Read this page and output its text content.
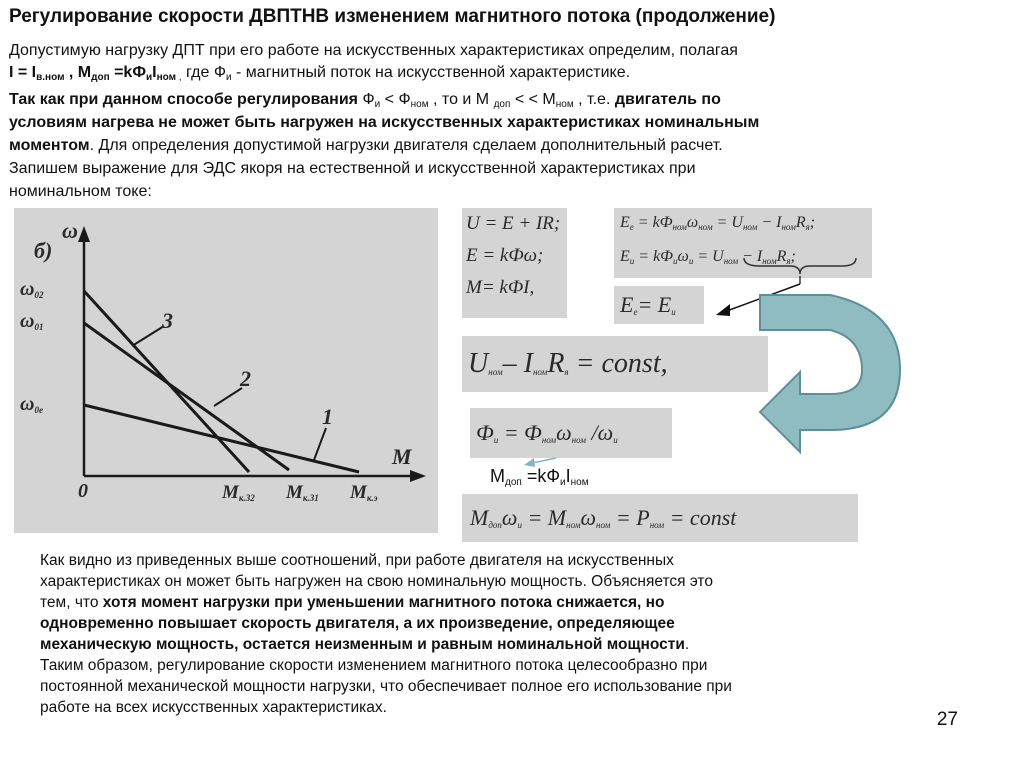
Регулирование скорости ДВПТНВ изменением магнитного потока (продолжение)
Допустимую нагрузку ДПТ при его работе на искусственных характеристиках определим, полагая
$I = I_{в.ном}$ , $М_{доп} =kФ_иI_{ном}$ $_,$ где $Ф_и$ - магнитный поток на искусственной характеристике.
Так как при данном способе регулирования $Ф_и < Ф_{ном}$ , то и М $_{доп}$ < < $М_{ном}$ , т.е. двигатель по
условиям нагрева не может быть нагружен на искусственных характеристиках номинальным
моментом. Для определения допустимой нагрузки двигателя сделаем дополнительный расчет.
Запишем выражение для ЭДС якоря на естественной и искусственной характеристиках при
номинальном токе:
б)
ω
$\omega_{02}$
$\omega_{01}$
$\omega_{0е}$
3
2
1
М
0	$М_{к.32}$ $М_{к.31}$ $М_{к.э}$
U = E + IR;
E = kФω;
M= kФI,
$E_е = kФ_{ном}\omega_{ном} = U_{ном} - I_{ном}R_я$;
$E_и = kФ_и\omega_и = U_{ном} - I_{ном}R_я$;
$E_е= E_и$
$U_{ном}-$ $I_{ном}R_я$ = const,
$Ф_и = Ф_{ном}\omega_{ном}$ $/\omega_и$
$М_{доп} =kФ_иI_{ном}$
$M_{доп}\omega_и = M_{ном}\omega_{ном} = P_{ном}$ = const
Как видно из приведенных выше соотношений, при работе двигателя на искусственных
характеристиках он может быть нагружен на свою номинальную мощность. Объясняется это
тем, что хотя момент нагрузки при уменьшении магнитного потока снижается, но
одновременно повышает скорость двигателя, а их произведение, определяющее
механическую мощность, остается неизменным и равным номинальной мощности.
Таким образом, регулирование скорости изменением магнитного потока целесообразно при
постоянной механической мощности нагрузки, что обеспечивает полное его использование при
работе на всех искусственных характеристиках.
27
